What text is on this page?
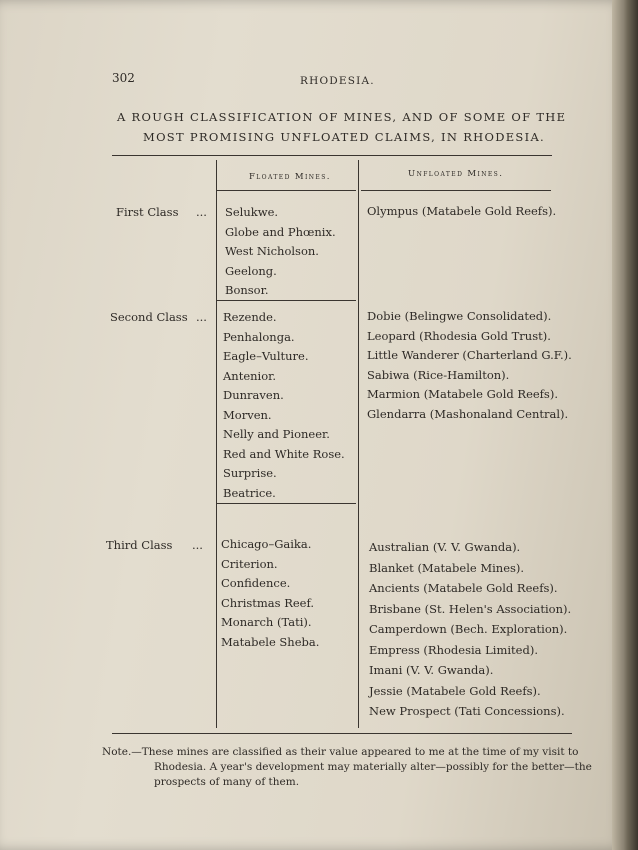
302	RHODESIA.
A ROUGH CLASSIFICATION OF MINES, AND OF SOME OF THE
MOST PROMISING UNFLOATED CLAIMS, IN RHODESIA.
Floated Mines.	Unfloated Mines.
First Class ... Selukwe.
Globe and Phœnix.
West Nicholson.
Geelong.
Bonsor.
Olympus (Matabele Gold Reefs).
Second Class ... Rezende.
Penhalonga.
Eagle–Vulture.
Antenior.
Dunraven.
Morven.
Nelly and Pioneer.
Red and White Rose.
Surprise.
Beatrice.
Dobie (Belingwe Consolidated).
Leopard (Rhodesia Gold Trust).
Little Wanderer (Charterland G.F.).
Sabiwa (Rice-Hamilton).
Marmion (Matabele Gold Reefs).
Glendarra (Mashonaland Central).
Third Class ... Chicago–Gaika.
Criterion.
Confidence.
Christmas Reef.
Monarch (Tati).
Matabele Sheba.
Australian (V. V. Gwanda).
Blanket (Matabele Mines).
Ancients (Matabele Gold Reefs).
Brisbane (St. Helen's Association).
Camperdown (Bech. Exploration).
Empress (Rhodesia Limited).
Imani (V. V. Gwanda).
Jessie (Matabele Gold Reefs).
New Prospect (Tati Concessions).
Note.—These mines are classified as their value appeared to me at the time of my visit to
Rhodesia. A year's development may materially alter—possibly for the better—the
prospects of many of them.
